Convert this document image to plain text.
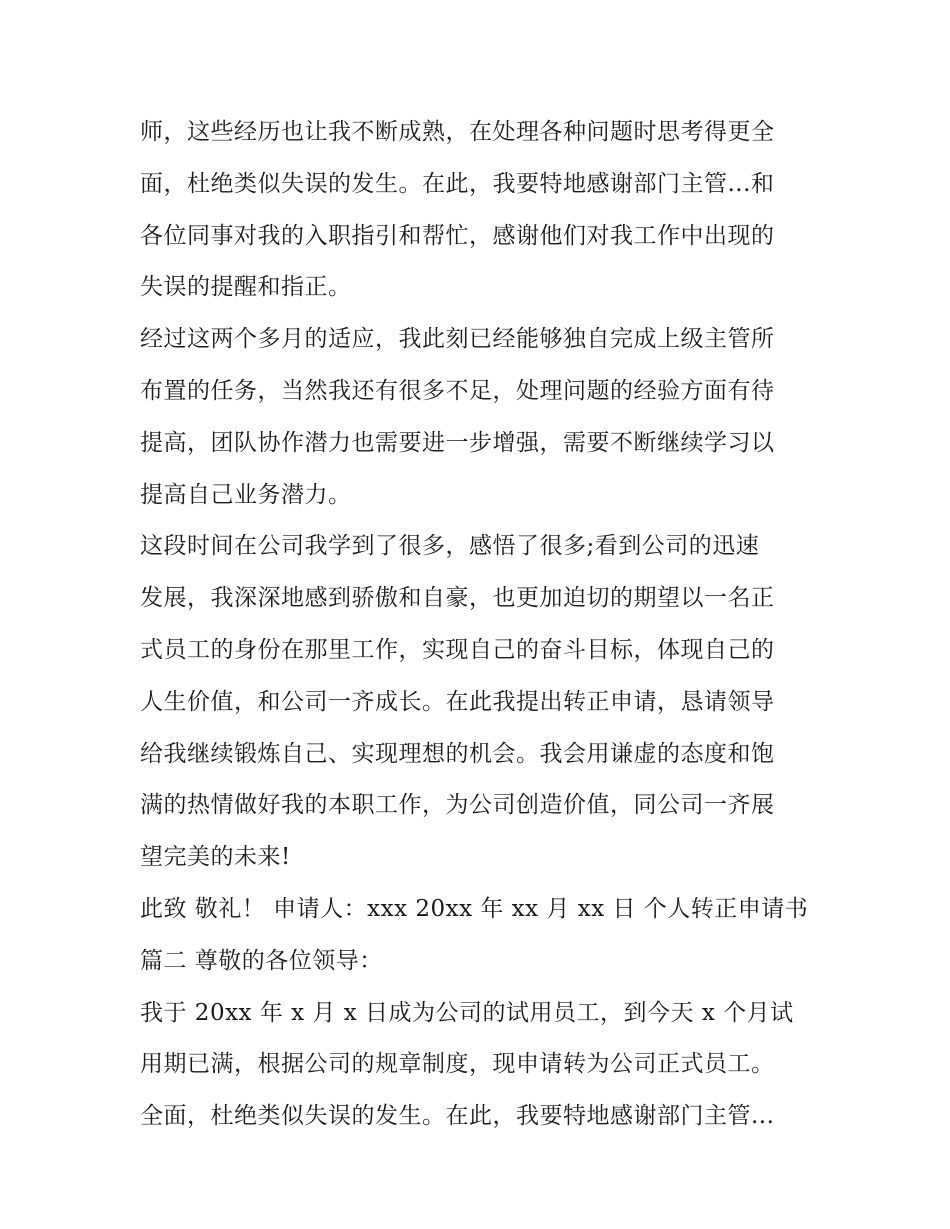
师，这些经历也让我不断成熟，在处理各种问题时思考得更全
面，杜绝类似失误的发生。在此，我要特地感谢部门主管...和
各位同事对我的入职指引和帮忙，感谢他们对我工作中出现的
失误的提醒和指正。
经过这两个多月的适应，我此刻已经能够独自完成上级主管所
布置的任务，当然我还有很多不足，处理问题的经验方面有待
提高，团队协作潜力也需要进一步增强，需要不断继续学习以
提高自己业务潜力。
这段时间在公司我学到了很多，感悟了很多;看到公司的迅速
发展，我深深地感到骄傲和自豪，也更加迫切的期望以一名正
式员工的身份在那里工作，实现自己的奋斗目标，体现自己的
人生价值，和公司一齐成长。在此我提出转正申请，恳请领导
给我继续锻炼自己、实现理想的机会。我会用谦虚的态度和饱
满的热情做好我的本职工作，为公司创造价值，同公司一齐展
望完美的未来!
此致 敬礼！ 申请人：xxx 20xx 年 xx 月 xx 日 个人转正申请书
篇二 尊敬的各位领导：
我于 20xx 年 x 月 x 日成为公司的试用员工，到今天 x 个月试
用期已满，根据公司的规章制度，现申请转为公司正式员工。
全面，杜绝类似失误的发生。在此，我要特地感谢部门主管...
